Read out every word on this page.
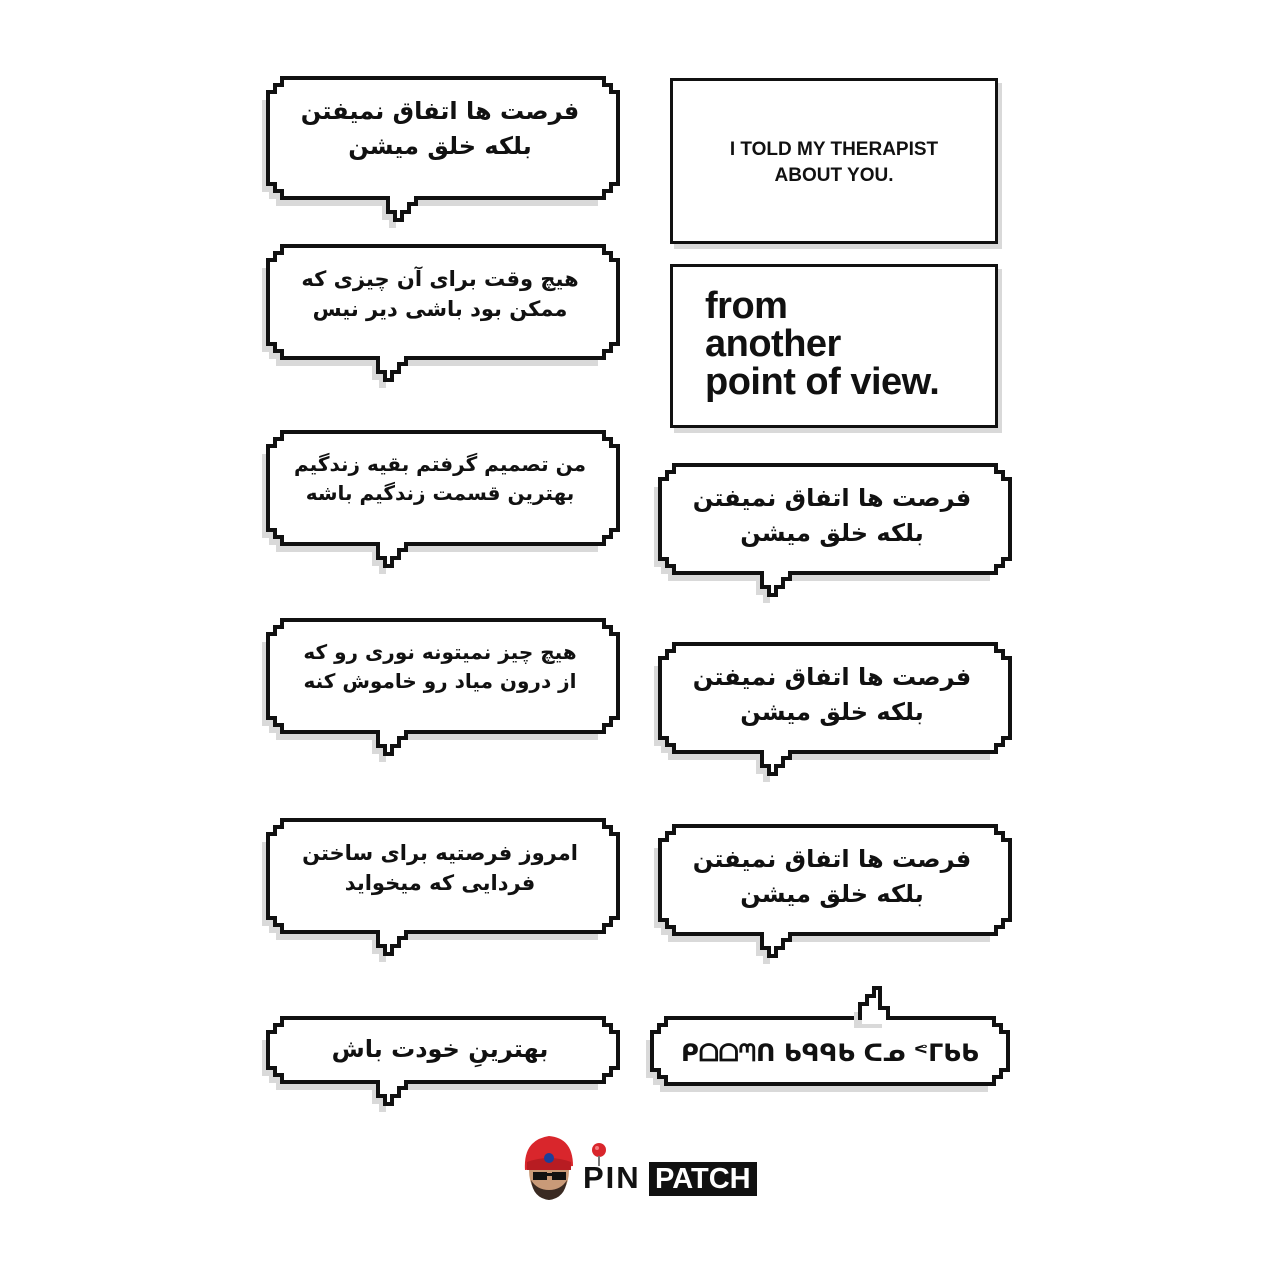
فرصت ها اتفاق نمیفتن
بلکه خلق میشن
هیچ وقت برای آن چیزی که
ممکن بود باشی دیر نیس
من تصمیم گرفتم بقیه زندگیم
بهترین قسمت زندگیم باشه
هیچ چیز نمیتونه نوری رو که
از درون میاد رو خاموش کنه
امروز فرصتیه برای ساختن
فردایی که میخواید
بهترینِ خودت باش
I TOLD MY THERAPIST
ABOUT YOU.
from
another
point of view.
فرصت ها اتفاق نمیفتن
بلکه خلق میشن
فرصت ها اتفاق نمیفتن
بلکه خلق میشن
فرصت ها اتفاق نمیفتن
بلکه خلق میشن
ᑭᗝᗝᘉᑎ ᑲᑫᑫᑲ ᑕᓄ ᕝᒥᑲᑲ
PIN PATCH
